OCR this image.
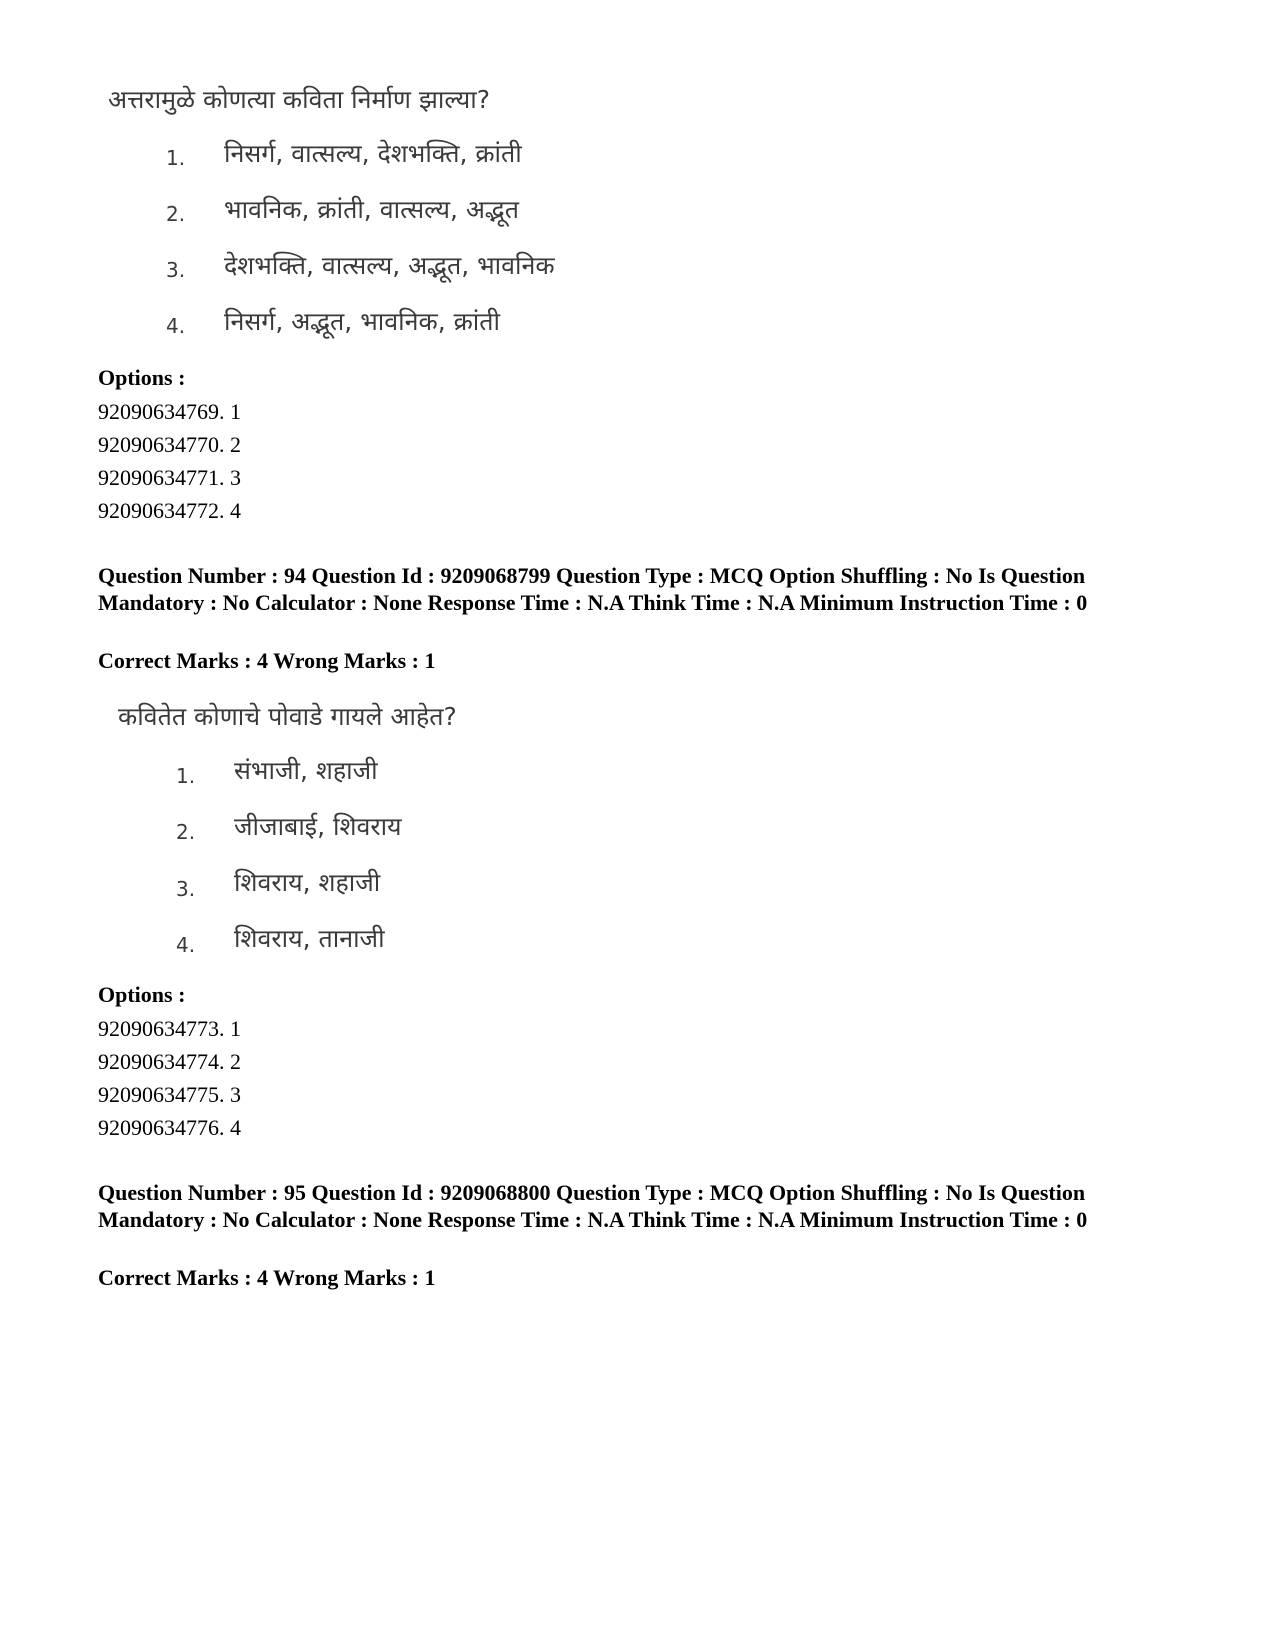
अत्तरामुळे कोणत्या कविता निर्माण झाल्या?
1. निसर्ग, वात्सल्य, देशभक्ति, क्रांती
2. भावनिक, क्रांती, वात्सल्य, अद्भूत
3. देशभक्ति, वात्सल्य, अद्भूत, भावनिक
4. निसर्ग, अद्भूत, भावनिक, क्रांती
Options :
92090634769. 1
92090634770. 2
92090634771. 3
92090634772. 4
Question Number : 94 Question Id : 9209068799 Question Type : MCQ Option Shuffling : No Is Question Mandatory : No Calculator : None Response Time : N.A Think Time : N.A Minimum Instruction Time : 0
Correct Marks : 4 Wrong Marks : 1
कवितेत कोणाचे पोवाडे गायले आहेत?
1. संभाजी, शहाजी
2. जीजाबाई, शिवराय
3. शिवराय, शहाजी
4. शिवराय, तानाजी
Options :
92090634773. 1
92090634774. 2
92090634775. 3
92090634776. 4
Question Number : 95 Question Id : 9209068800 Question Type : MCQ Option Shuffling : No Is Question Mandatory : No Calculator : None Response Time : N.A Think Time : N.A Minimum Instruction Time : 0
Correct Marks : 4 Wrong Marks : 1
